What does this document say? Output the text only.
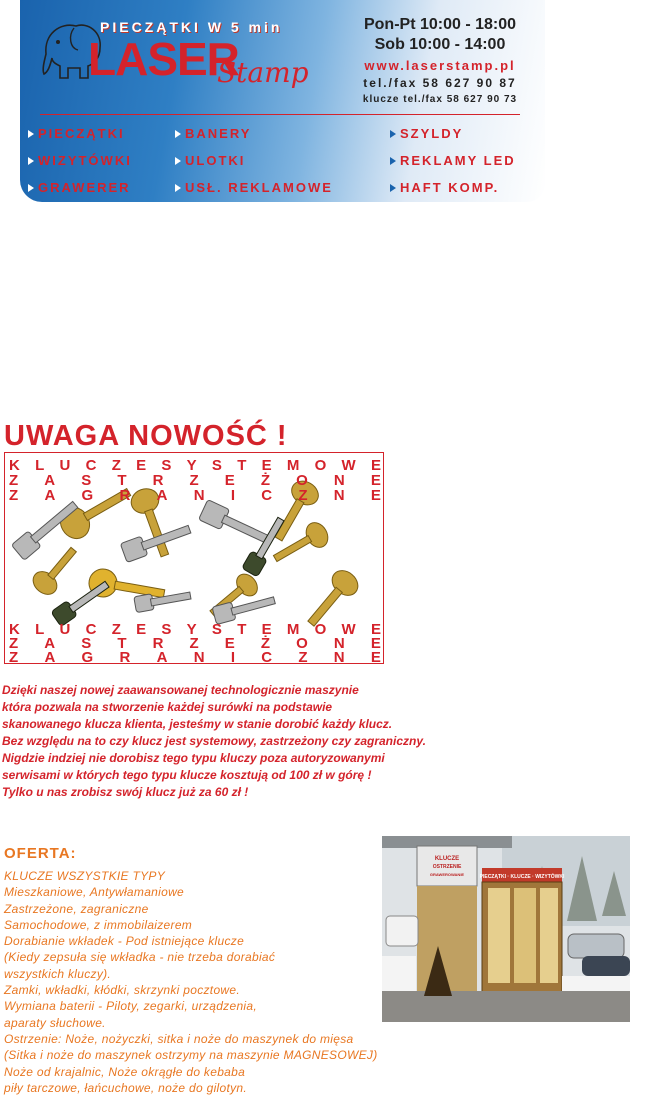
PIECZĄTKI W 5 min
LASER
Stamp
Pon-Pt 10:00 - 18:00
Sob 10:00 - 14:00
www.laserstamp.pl
tel./fax 58 627 90 87
klucze tel./fax 58 627 90 73
PIECZĄTKI	BANERY	SZYLDY
WIZYTÓWKI	ULOTKI	REKLAMY LED
GRAWERER	USŁ. REKLAMOWE	HAFT KOMP.
UWAGA NOWOŚĆ !
K L U C Z E S Y S T E M O W E
Z A S T R Z E Ż O N E
Z A G R A N I C Z N E
K L U C Z E S Y S T E M O W E
Z A S T R Z E Ż O N E
Z A G R A N I C Z N E

Dzięki naszej nowej zaawansowanej technologicznie maszynie

która pozwala na stworzenie każdej surówki na podstawie

skanowanego klucza klienta, jesteśmy w stanie dorobić każdy klucz.

Bez względu na to czy klucz jest systemowy, zastrzeżony czy zagraniczny.

Nigdzie indziej nie dorobisz tego typu kluczy poza autoryzowanymi

serwisami w których tego typu klucze kosztują od 100 zł w górę !

Tylko u nas zrobisz swój klucz już za 60 zł !

OFERTA:

KLUCZE WSZYSTKIE TYPY

Mieszkaniowe, Antywłamaniowe

Zastrzeżone, zagraniczne

Samochodowe, z immobilaizerem

Dorabianie wkładek - Pod istniejące klucze

(Kiedy zepsuła się wkładka - nie trzeba dorabiać

wszystkich kluczy).

Zamki, wkładki, kłódki, skrzynki pocztowe.

Wymiana baterii - Piloty, zegarki, urządzenia,

aparaty słuchowe.

Ostrzenie: Noże, nożyczki, sitka i noże do maszynek do mięsa

(Sitka i noże do maszynek ostrzymy na maszynie MAGNESOWEJ)

Noże od krajalnic, Noże okrągłe do kebaba

piły tarczowe, łańcuchowe, noże do gilotyn.

KLUCZE
OSTRZENIE
GRAWEROWANIE	PIECZĄTKI · KLUCZE · WIZYTÓWKI
